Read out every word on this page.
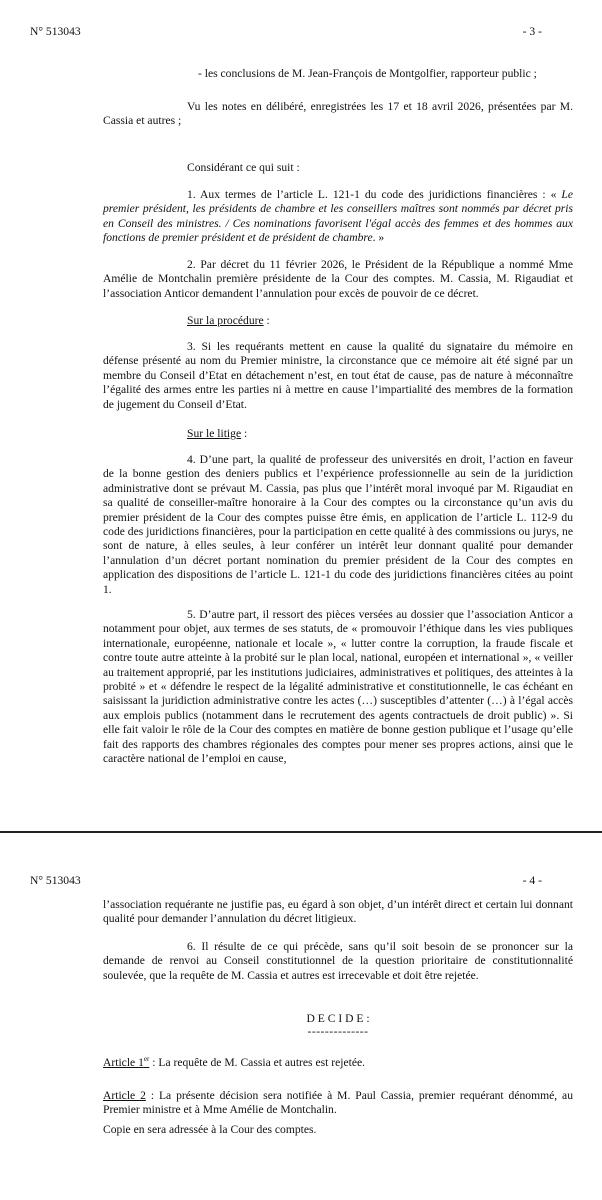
N° 513043	- 3 -

- les conclusions de M. Jean-François de Montgolfier, rapporteur public ;

Vu les notes en délibéré, enregistrées les 17 et 18 avril 2026, présentées par M. Cassia et autres ;

Considérant ce qui suit :

1. Aux termes de l’article L. 121-1 du code des juridictions financières : « Le premier président, les présidents de chambre et les conseillers maîtres sont nommés par décret pris en Conseil des ministres. / Ces nominations favorisent l'égal accès des femmes et des hommes aux fonctions de premier président et de président de chambre. »

2. Par décret du 11 février 2026, le Président de la République a nommé Mme Amélie de Montchalin première présidente de la Cour des comptes. M. Cassia, M. Rigaudiat et l’association Anticor demandent l’annulation pour excès de pouvoir de ce décret.

Sur la procédure :

3. Si les requérants mettent en cause la qualité du signataire du mémoire en défense présenté au nom du Premier ministre, la circonstance que ce mémoire ait été signé par un membre du Conseil d’Etat en détachement n’est, en tout état de cause, pas de nature à méconnaître l’égalité des armes entre les parties ni à mettre en cause l’impartialité des membres de la formation de jugement du Conseil d’Etat.

Sur le litige :

4. D’une part, la qualité de professeur des universités en droit, l’action en faveur de la bonne gestion des deniers publics et l’expérience professionnelle au sein de la juridiction administrative dont se prévaut M. Cassia, pas plus que l’intérêt moral invoqué par M. Rigaudiat en sa qualité de conseiller-maître honoraire à la Cour des comptes ou la circonstance qu’un avis du premier président de la Cour des comptes puisse être émis, en application de l’article L. 112-9 du code des juridictions financières, pour la participation en cette qualité à des commissions ou jurys, ne sont de nature, à elles seules, à leur conférer un intérêt leur donnant qualité pour demander l’annulation d’un décret portant nomination du premier président de la Cour des comptes en application des dispositions de l’article L. 121-1 du code des juridictions financières citées au point 1.

5. D’autre part, il ressort des pièces versées au dossier que l’association Anticor a notamment pour objet, aux termes de ses statuts, de « promouvoir l’éthique dans les vies publiques internationale, européenne, nationale et locale », « lutter contre la corruption, la fraude fiscale et contre toute autre atteinte à la probité sur le plan local, national, européen et international », « veiller au traitement approprié, par les institutions judiciaires, administratives et politiques, des atteintes à la probité » et « défendre le respect de la légalité administrative et constitutionnelle, le cas échéant en saisissant la juridiction administrative contre les actes (…) susceptibles d’attenter (…) à l’égal accès aux emplois publics (notamment dans le recrutement des agents contractuels de droit public) ». Si elle fait valoir le rôle de la Cour des comptes en matière de bonne gestion publique et l’usage qu’elle fait des rapports des chambres régionales des comptes pour mener ses propres actions, ainsi que le caractère national de l’emploi en cause,

N° 513043	- 4 -

l’association requérante ne justifie pas, eu égard à son objet, d’un intérêt direct et certain lui donnant qualité pour demander l’annulation du décret litigieux.

6. Il résulte de ce qui précède, sans qu’il soit besoin de se prononcer sur la demande de renvoi au Conseil constitutionnel de la question prioritaire de constitutionnalité soulevée, que la requête de M. Cassia et autres est irrecevable et doit être rejetée.

D E C I D E :

--------------

Article 1er : La requête de M. Cassia et autres est rejetée.

Article 2 : La présente décision sera notifiée à M. Paul Cassia, premier requérant dénommé, au Premier ministre et à Mme Amélie de Montchalin.

Copie en sera adressée à la Cour des comptes.
